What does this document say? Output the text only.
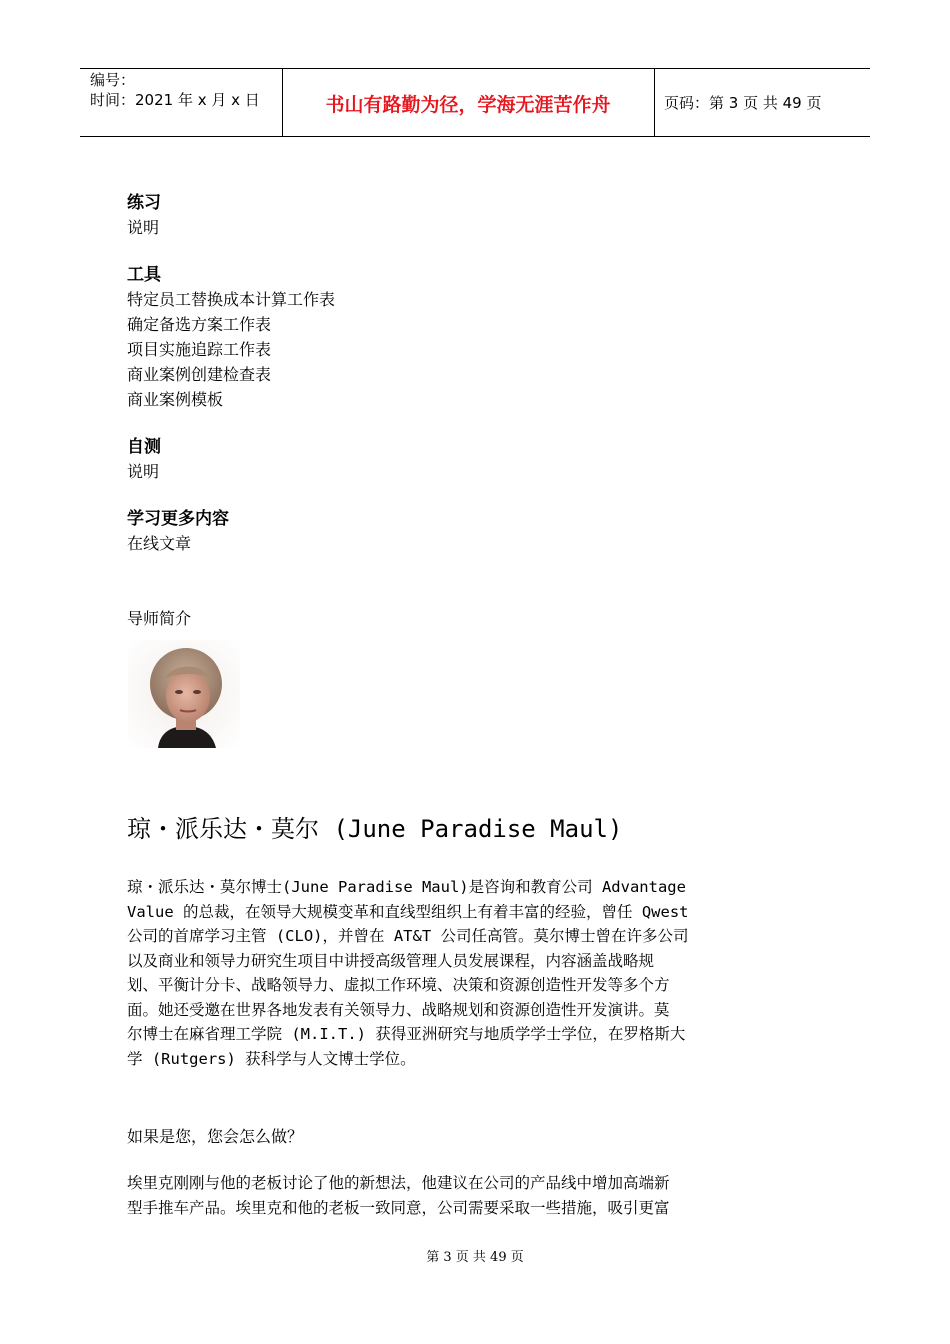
编号：
时间：2021 年 x 月 x 日	书山有路勤为径，学海无涯苦作舟	页码：第 3 页 共 49 页
练习
说明
工具
特定员工替换成本计算工作表
确定备选方案工作表
项目实施追踪工作表
商业案例创建检查表
商业案例模板
自测
说明
学习更多内容
在线文章
导师简介
琼・派乐达・莫尔 (June Paradise Maul)
琼・派乐达・莫尔博士(June Paradise Maul)是咨询和教育公司 Advantage
Value 的总裁，在领导大规模变革和直线型组织上有着丰富的经验，曾任 Qwest
公司的首席学习主管 (CLO)，并曾在 AT&T 公司任高管。莫尔博士曾在许多公司
以及商业和领导力研究生项目中讲授高级管理人员发展课程，内容涵盖战略规
划、平衡计分卡、战略领导力、虚拟工作环境、决策和资源创造性开发等多个方
面。她还受邀在世界各地发表有关领导力、战略规划和资源创造性开发演讲。莫
尔博士在麻省理工学院 (M.I.T.) 获得亚洲研究与地质学学士学位，在罗格斯大
学 (Rutgers) 获科学与人文博士学位。
如果是您，您会怎么做？
埃里克刚刚与他的老板讨论了他的新想法，他建议在公司的产品线中增加高端新
型手推车产品。埃里克和他的老板一致同意，公司需要采取一些措施，吸引更富
第 3 页 共 49 页
